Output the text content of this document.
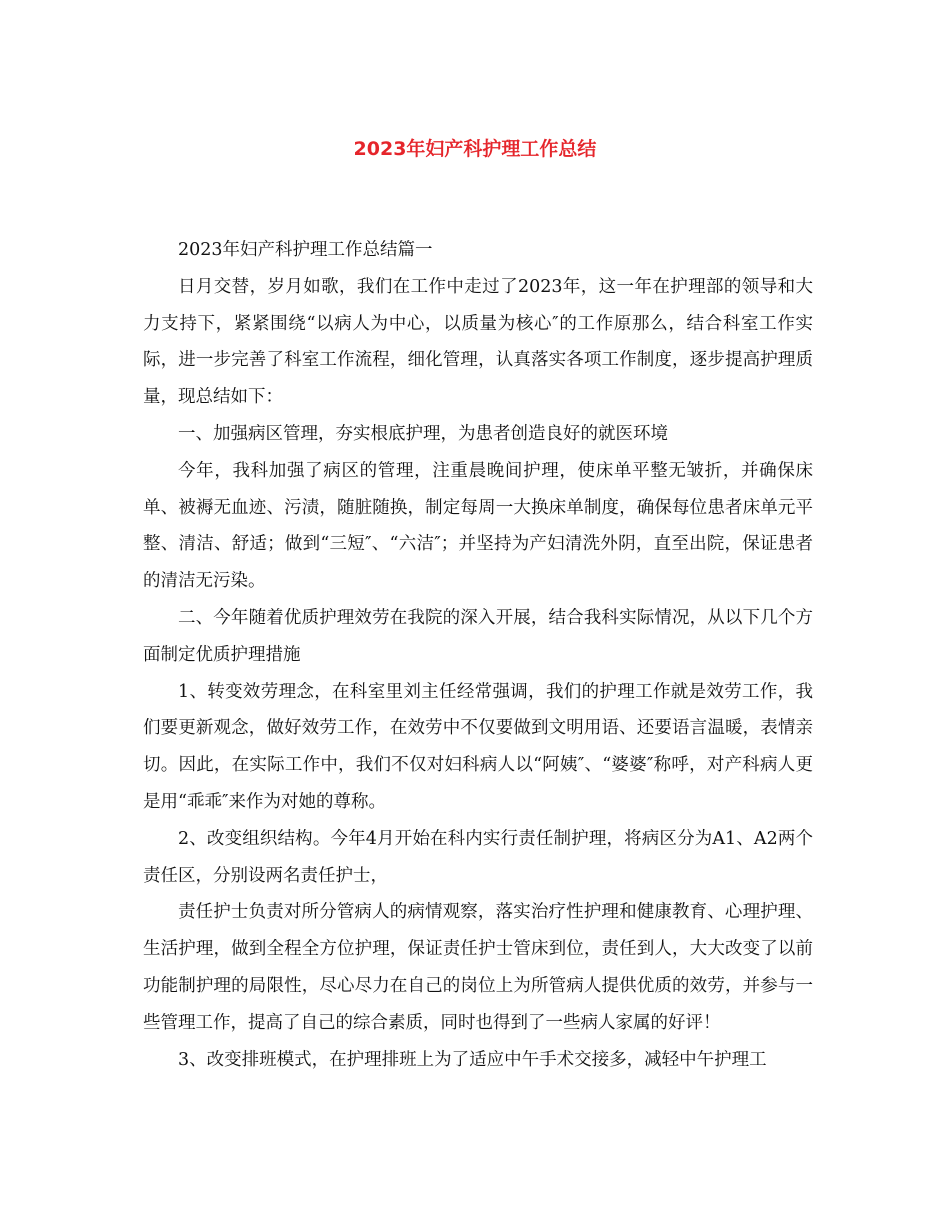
2023年妇产科护理工作总结

2023年妇产科护理工作总结篇一

日月交替，岁月如歌，我们在工作中走过了2023年，这一年在护理部的领导和大力支持下，紧紧围绕“以病人为中心，以质量为核心″的工作原那么，结合科室工作实际，进一步完善了科室工作流程，细化管理，认真落实各项工作制度，逐步提高护理质量，现总结如下：

一、加强病区管理，夯实根底护理，为患者创造良好的就医环境

今年，我科加强了病区的管理，注重晨晚间护理，使床单平整无皱折，并确保床单、被褥无血迹、污渍，随脏随换，制定每周一大换床单制度，确保每位患者床单元平整、清洁、舒适；做到“三短″、“六洁″；并坚持为产妇清洗外阴，直至出院，保证患者的清洁无污染。

二、今年随着优质护理效劳在我院的深入开展，结合我科实际情况，从以下几个方面制定优质护理措施

1、转变效劳理念，在科室里刘主任经常强调，我们的护理工作就是效劳工作，我们要更新观念，做好效劳工作，在效劳中不仅要做到文明用语、还要语言温暖，表情亲切。因此，在实际工作中，我们不仅对妇科病人以“阿姨″、“婆婆″称呼，对产科病人更是用“乖乖″来作为对她的尊称。

2、改变组织结构。今年4月开始在科内实行责任制护理，将病区分为A1、A2两个责任区，分别设两名责任护士，

责任护士负责对所分管病人的病情观察，落实治疗性护理和健康教育、心理护理、生活护理，做到全程全方位护理，保证责任护士管床到位，责任到人，大大改变了以前功能制护理的局限性，尽心尽力在自己的岗位上为所管病人提供优质的效劳，并参与一些管理工作，提高了自己的综合素质，同时也得到了一些病人家属的好评！

3、改变排班模式，在护理排班上为了适应中午手术交接多，减轻中午护理工
